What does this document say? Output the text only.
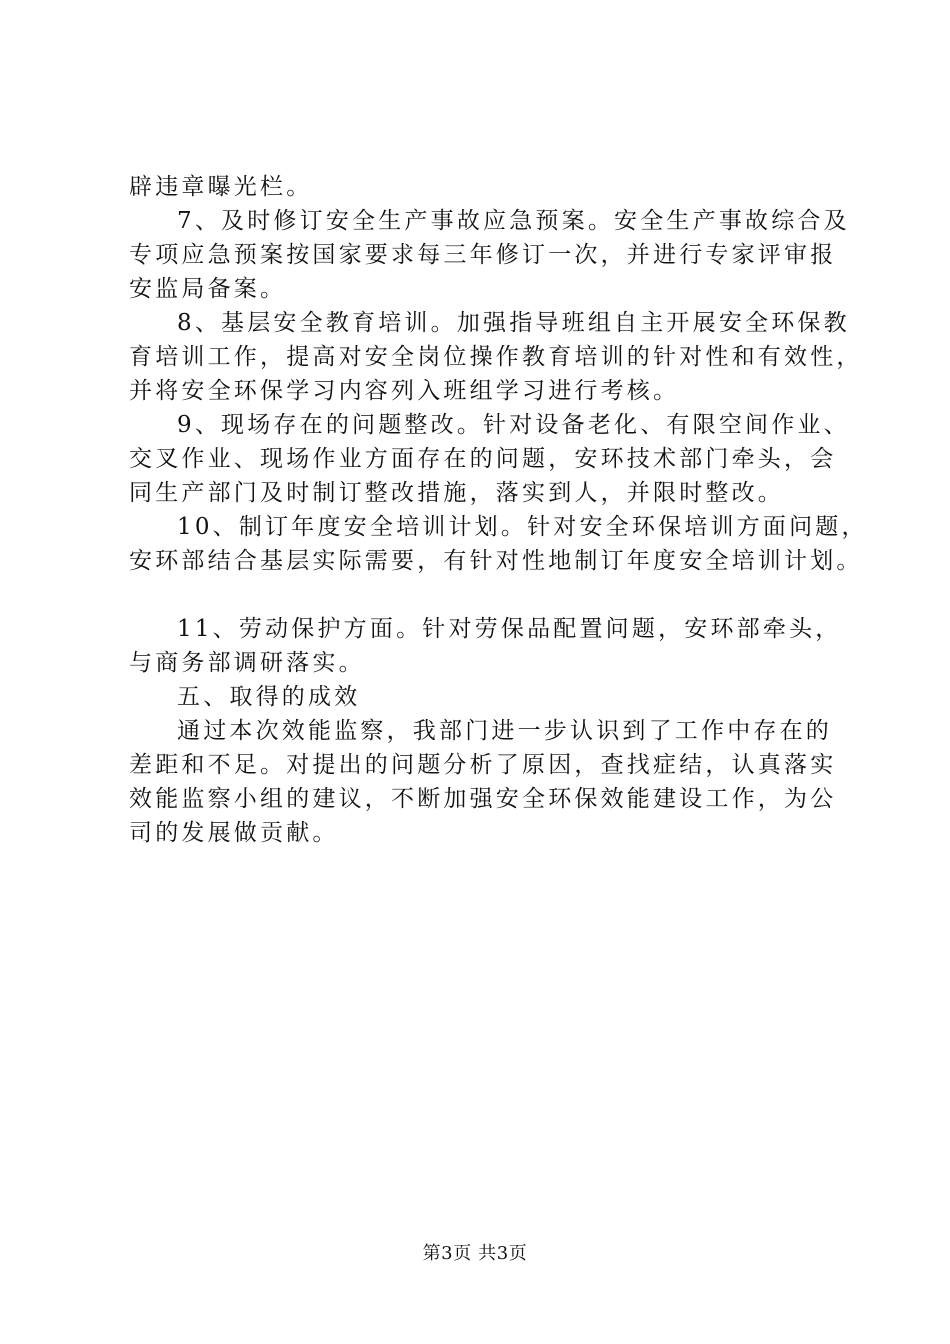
辟违章曝光栏。

7、及时修订安全生产事故应急预案。安全生产事故综合及

专项应急预案按国家要求每三年修订一次，并进行专家评审报

安监局备案。

8、基层安全教育培训。加强指导班组自主开展安全环保教

育培训工作，提高对安全岗位操作教育培训的针对性和有效性，

并将安全环保学习内容列入班组学习进行考核。

9、现场存在的问题整改。针对设备老化、有限空间作业、

交叉作业、现场作业方面存在的问题，安环技术部门牵头，会

同生产部门及时制订整改措施，落实到人，并限时整改。

10、制订年度安全培训计划。针对安全环保培训方面问题，

安环部结合基层实际需要，有针对性地制订年度安全培训计划。

11、劳动保护方面。针对劳保品配置问题，安环部牵头，

与商务部调研落实。

五、取得的成效

通过本次效能监察，我部门进一步认识到了工作中存在的

差距和不足。对提出的问题分析了原因，查找症结，认真落实

效能监察小组的建议，不断加强安全环保效能建设工作，为公

司的发展做贡献。

第3页 共3页
